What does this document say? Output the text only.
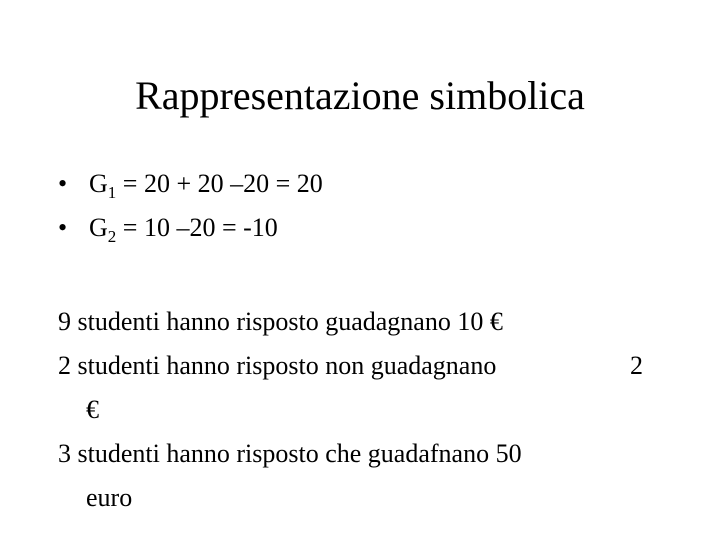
Rappresentazione simbolica
• $G_1 = 20 + 20$ –20 = 20
• $G_2 = 10$ –20 = -10
9 studenti hanno risposto guadagnano 10 €
2 studenti hanno risposto non guadagnano	2
€
3 studenti hanno risposto che guadafnano 50
euro
